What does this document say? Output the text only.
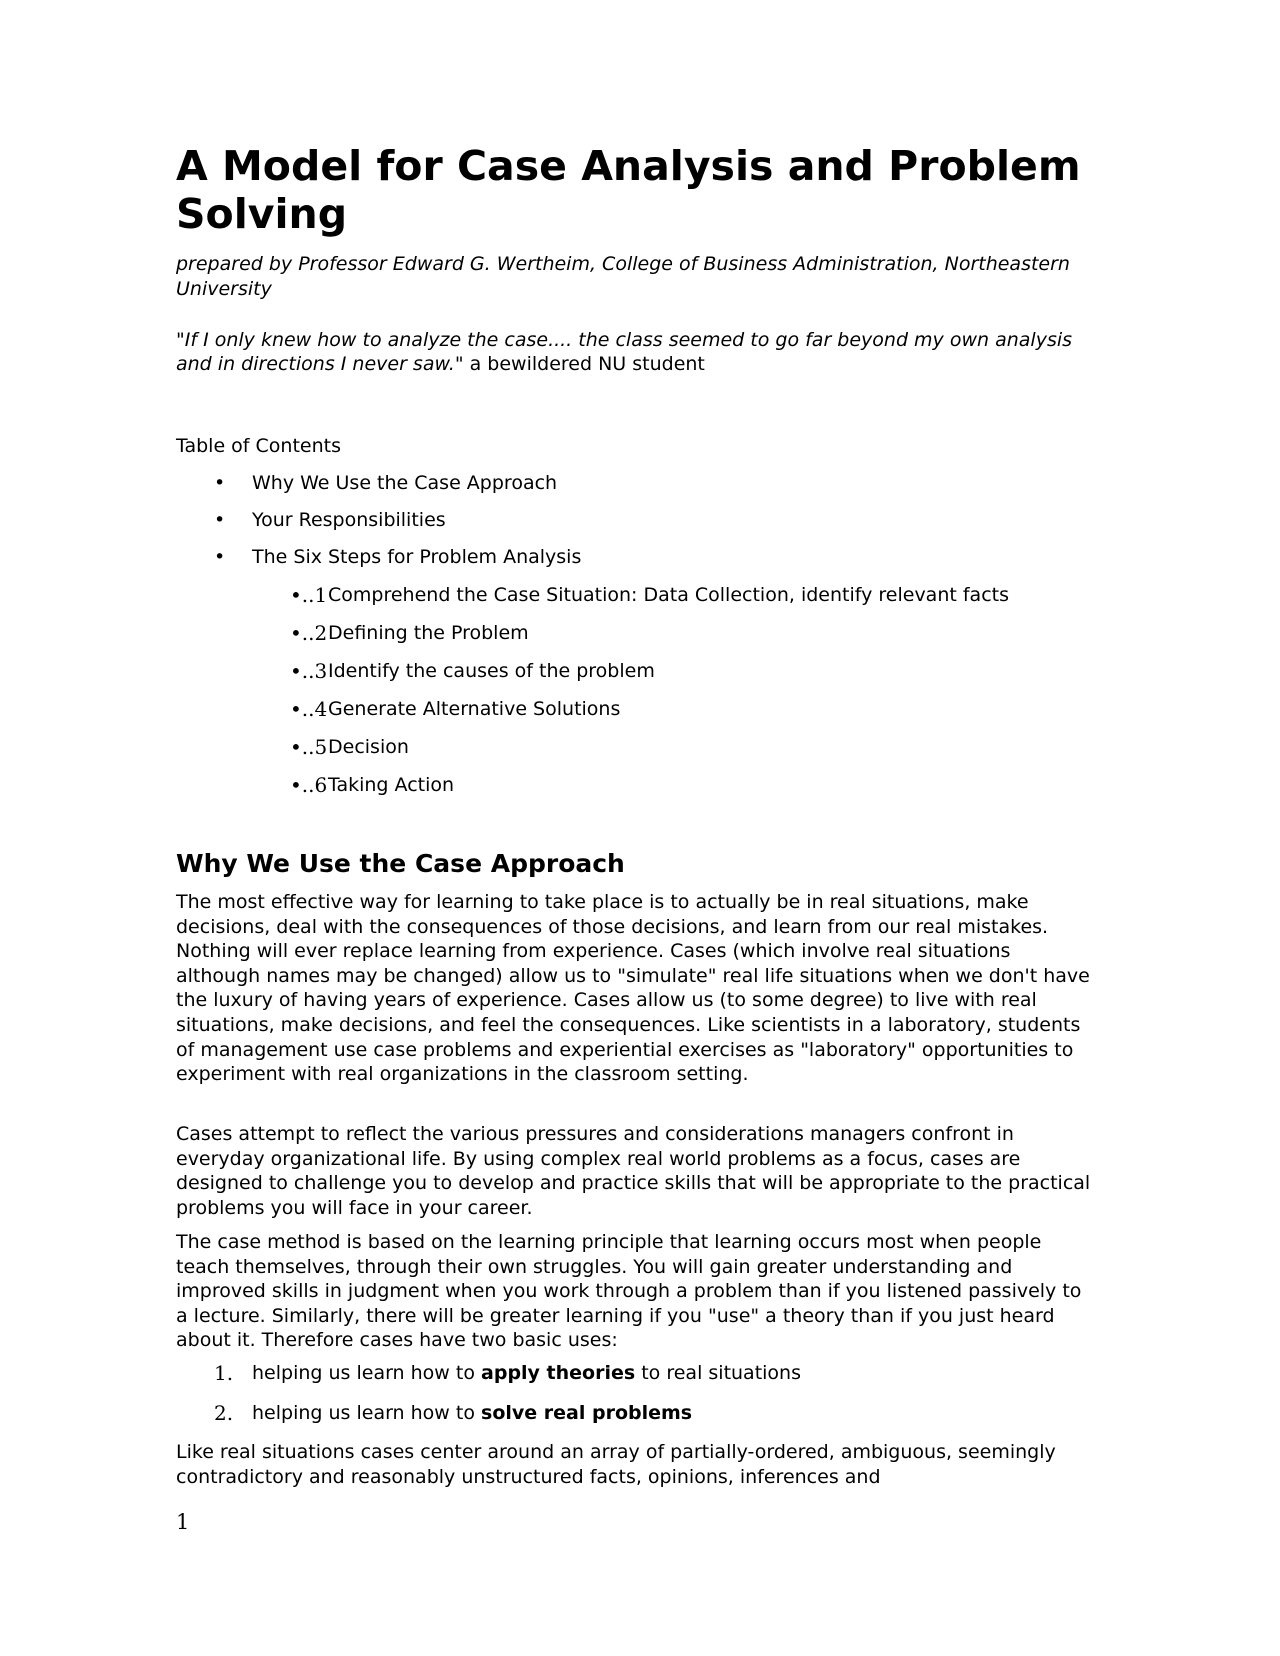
A Model for Case Analysis and Problem Solving

prepared by Professor Edward G. Wertheim, College of Business Administration, Northeastern University

"If I only knew how to analyze the case.... the class seemed to go far beyond my own analysis and in directions I never saw." a bewildered NU student

Table of Contents

• Why We Use the Case Approach
• Your Responsibilities
• The Six Steps for Problem Analysis
•..1 Comprehend the Case Situation: Data Collection, identify relevant facts
•..2 Defining the Problem
•..3 Identify the causes of the problem
•..4 Generate Alternative Solutions
•..5 Decision
•..6 Taking Action
Why We Use the Case Approach

The most effective way for learning to take place is to actually be in real situations, make decisions, deal with the consequences of those decisions, and learn from our real mistakes. Nothing will ever replace learning from experience. Cases (which involve real situations although names may be changed) allow us to "simulate" real life situations when we don't have the luxury of having years of experience. Cases allow us (to some degree) to live with real situations, make decisions, and feel the consequences. Like scientists in a laboratory, students of management use case problems and experiential exercises as "laboratory" opportunities to experiment with real organizations in the classroom setting.

Cases attempt to reflect the various pressures and considerations managers confront in everyday organizational life. By using complex real world problems as a focus, cases are designed to challenge you to develop and practice skills that will be appropriate to the practical problems you will face in your career.

The case method is based on the learning principle that learning occurs most when people teach themselves, through their own struggles. You will gain greater understanding and improved skills in judgment when you work through a problem than if you listened passively to a lecture. Similarly, there will be greater learning if you "use" a theory than if you just heard about it. Therefore cases have two basic uses:

1. helping us learn how to apply theories to real situations
2. helping us learn how to solve real problems

Like real situations cases center around an array of partially-ordered, ambiguous, seemingly contradictory and reasonably unstructured facts, opinions, inferences and

1
